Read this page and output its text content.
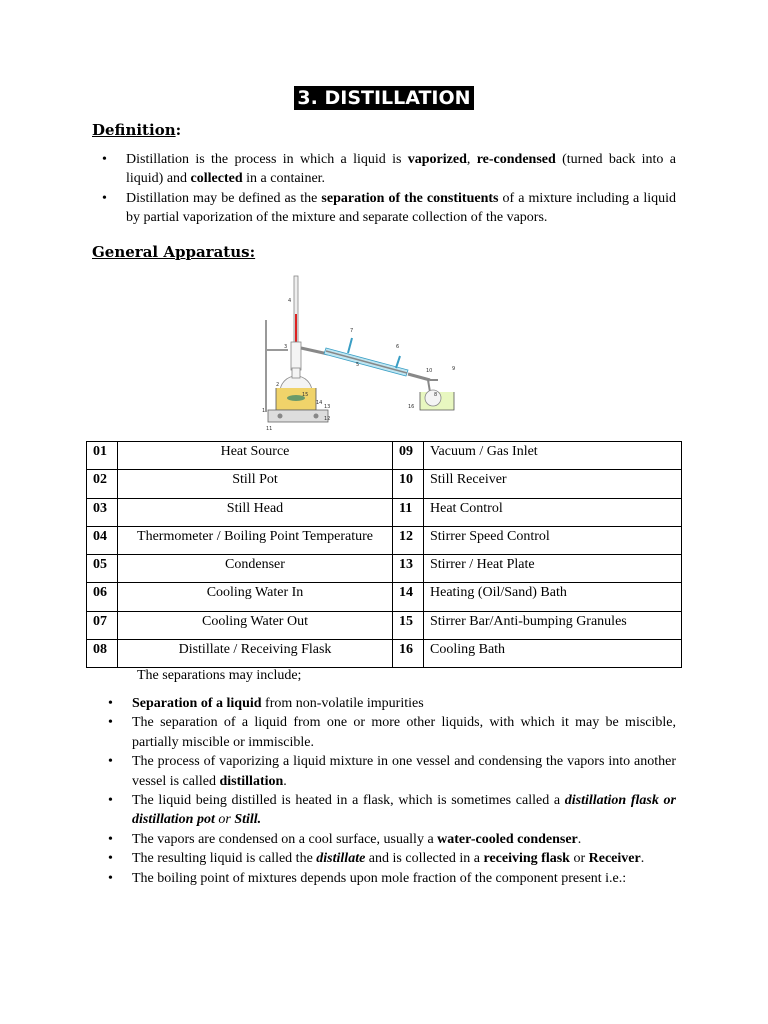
3. DISTILLATION
Definition:
• Distillation is the process in which a liquid is vaporized, re-condensed (turned back into a liquid) and collected in a container.
• Distillation may be defined as the separation of the constituents of a mixture including a liquid by partial vaporization of the mixture and separate collection of the vapors.
General Apparatus:
1
2
3
4
5
6
7
8
9
10
11
12
13
14
15
16
01	Heat Source	09	Vacuum / Gas Inlet
02	Still Pot	10	Still Receiver
03	Still Head	11	Heat Control
04	Thermometer / Boiling Point Temperature	12	Stirrer Speed Control
05	Condenser	13	Stirrer / Heat Plate
06	Cooling Water In	14	Heating (Oil/Sand) Bath
07	Cooling Water Out	15	Stirrer Bar/Anti-bumping Granules
08	Distillate / Receiving Flask	16	Cooling Bath
The separations may include;
• Separation of a liquid from non-volatile impurities
• The separation of a liquid from one or more other liquids, with which it may be miscible, partially miscible or immiscible.
• The process of vaporizing a liquid mixture in one vessel and condensing the vapors into another vessel is called distillation.
• The liquid being distilled is heated in a flask, which is sometimes called a distillation flask or distillation pot or Still.
• The vapors are condensed on a cool surface, usually a water-cooled condenser.
• The resulting liquid is called the distillate and is collected in a receiving flask or Receiver.
• The boiling point of mixtures depends upon mole fraction of the component present i.e.:
